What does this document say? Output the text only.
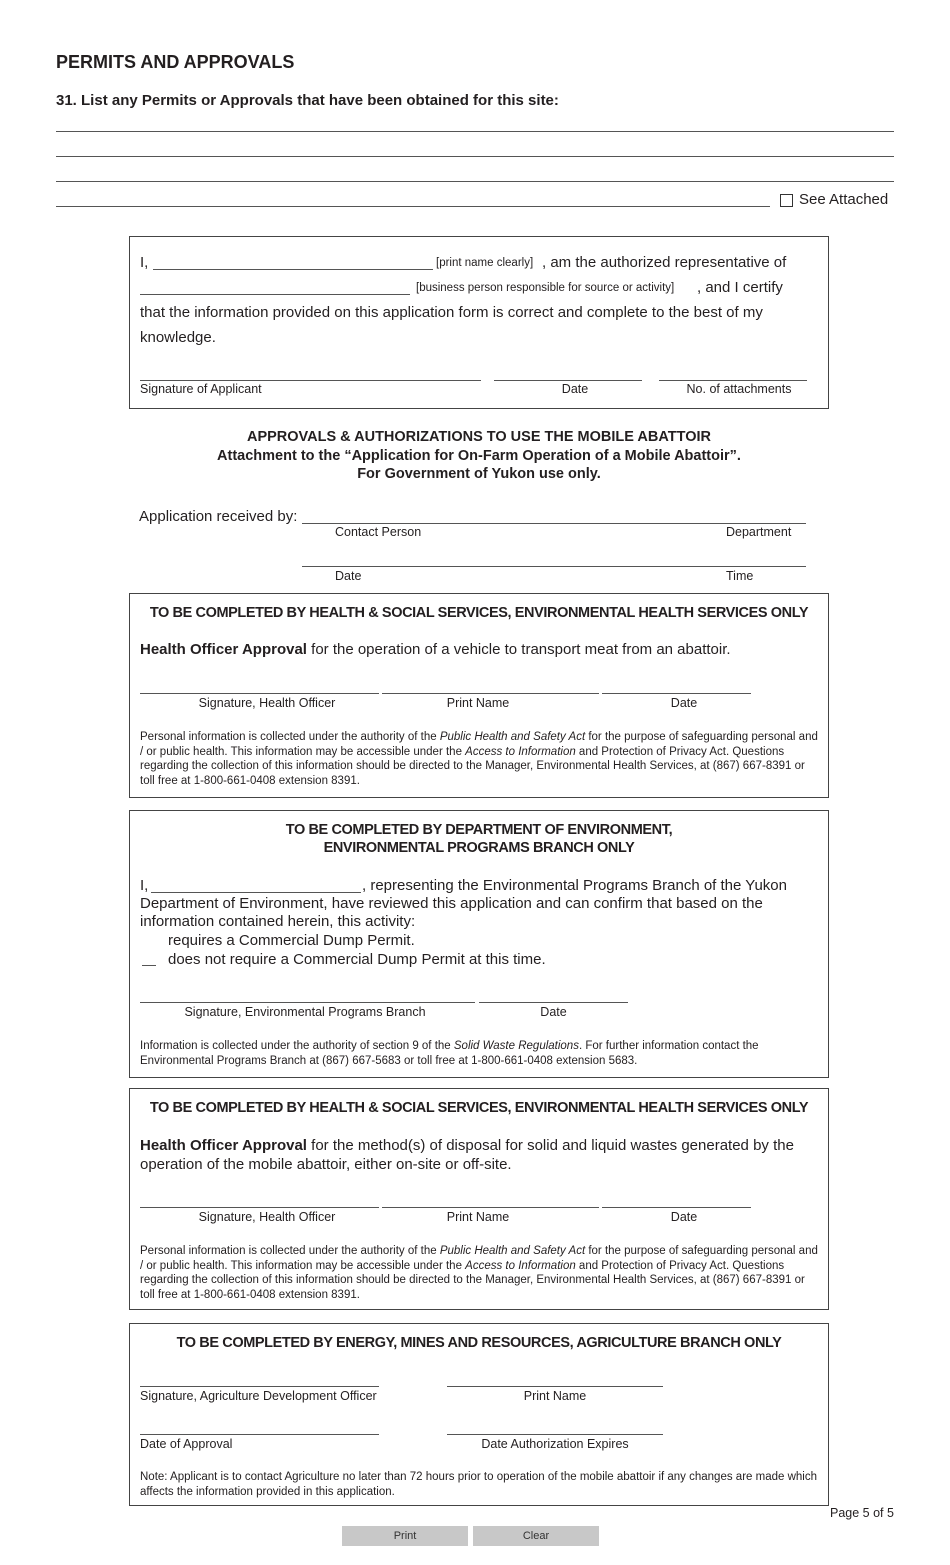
PERMITS AND APPROVALS
31. List any Permits or Approvals that have been obtained for this site:
See Attached
I,	[print name clearly] , am the authorized representative of
[business person responsible for source or activity] , and I certify
that the information provided on this application form is correct and complete to the best of my
knowledge.
Signature of Applicant	Date	No. of attachments
APPROVALS & AUTHORIZATIONS TO USE THE MOBILE ABATTOIR
Attachment to the “Application for On-Farm Operation of a Mobile Abattoir”.
For Government of Yukon use only.
Application received by:
Contact Person	Department
Date	Time
TO BE COMPLETED BY HEALTH & SOCIAL SERVICES, ENVIRONMENTAL HEALTH SERVICES ONLY
Health Officer Approval for the operation of a vehicle to transport meat from an abattoir.
Signature, Health Officer	Print Name	Date
Personal information is collected under the authority of the Public Health and Safety Act for the purpose of safeguarding personal and / or public health. This information may be accessible under the Access to Information and Protection of Privacy Act. Questions regarding the collection of this information should be directed to the Manager, Environmental Health Services, at (867) 667-8391 or toll free at 1-800-661-0408 extension 8391.
TO BE COMPLETED BY DEPARTMENT OF ENVIRONMENT,
ENVIRONMENTAL PROGRAMS BRANCH ONLY
I,	, representing the Environmental Programs Branch of the Yukon
Department of Environment, have reviewed this application and can confirm that based on the
information contained herein, this activity:
requires a Commercial Dump Permit.
does not require a Commercial Dump Permit at this time.
Signature, Environmental Programs Branch	Date
Information is collected under the authority of section 9 of the Solid Waste Regulations. For further information contact the Environmental Programs Branch at (867) 667-5683 or toll free at 1-800-661-0408 extension 5683.
TO BE COMPLETED BY HEALTH & SOCIAL SERVICES, ENVIRONMENTAL HEALTH SERVICES ONLY
Health Officer Approval for the method(s) of disposal for solid and liquid wastes generated by the operation of the mobile abattoir, either on-site or off-site.
Signature, Health Officer	Print Name	Date
Personal information is collected under the authority of the Public Health and Safety Act for the purpose of safeguarding personal and / or public health. This information may be accessible under the Access to Information and Protection of Privacy Act. Questions regarding the collection of this information should be directed to the Manager, Environmental Health Services, at (867) 667-8391 or toll free at 1-800-661-0408 extension 8391.
TO BE COMPLETED BY ENERGY, MINES AND RESOURCES, AGRICULTURE BRANCH ONLY
Signature, Agriculture Development Officer	Print Name
Date of Approval	Date Authorization Expires
Note: Applicant is to contact Agriculture no later than 72 hours prior to operation of the mobile abattoir if any changes are made which affects the information provided in this application.
Page 5 of 5
Print	Clear
